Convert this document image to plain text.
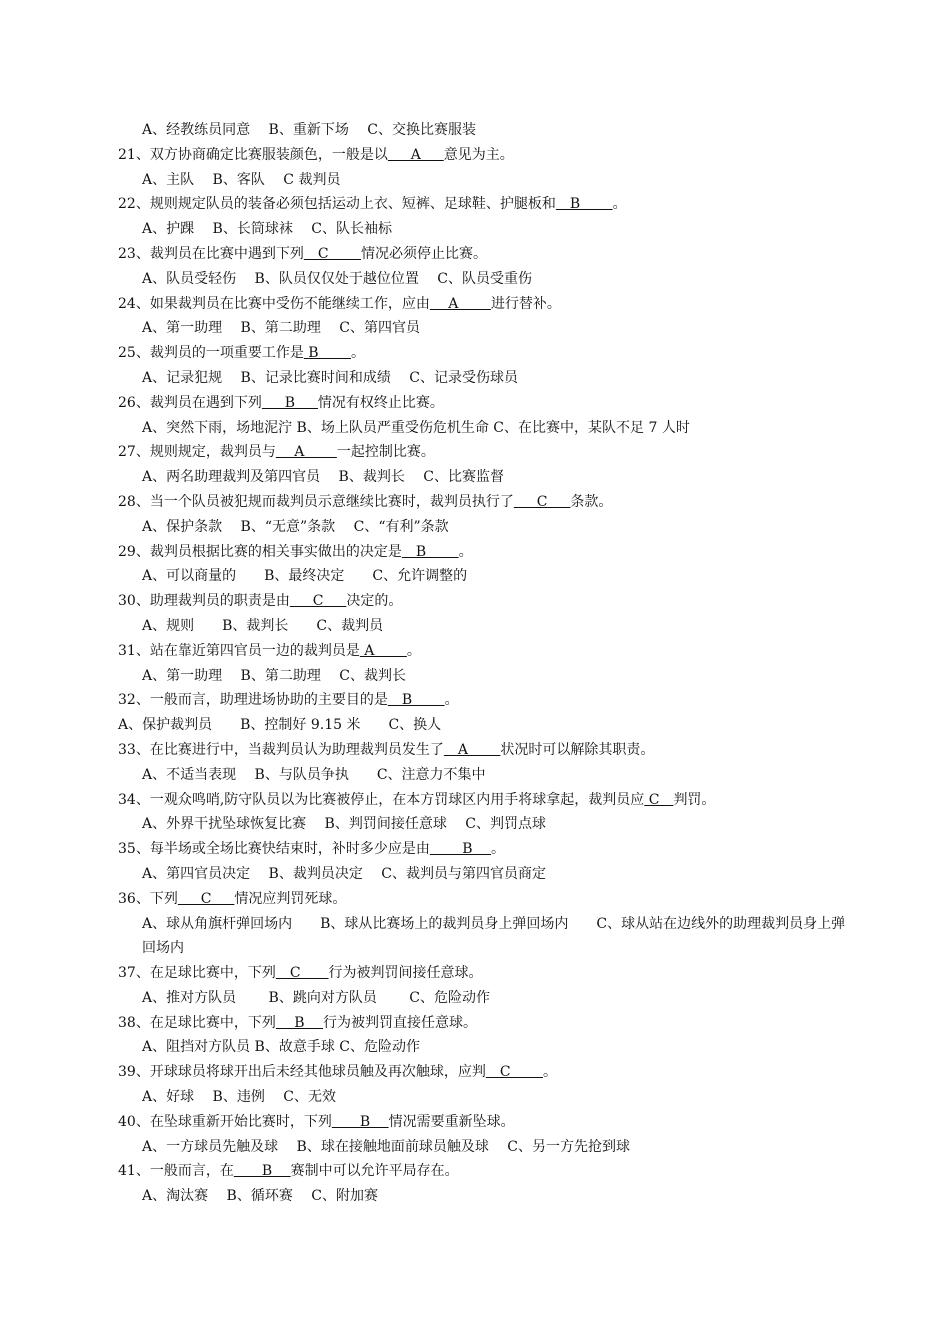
A、经教练员同意　 B、重新下场　 C、交换比赛服装
21、双方协商确定比赛服装颜色，一般是以　  A　  意见为主。
A、主队　 B、客队　 C 裁判员
22、规则规定队员的装备必须包括运动上衣、短裤、足球鞋、护腿板和　B　　 。
A、护踝　 B、长筒球袜　 C、队长袖标
23、裁判员在比赛中遇到下列　C　　 情况必须停止比赛。
A、队员受轻伤　 B、队员仅仅处于越位位置　 C、队员受重伤
24、如果裁判员在比赛中受伤不能继续工作，应由　 A　　 进行替补。
A、第一助理　 B、第二助理　 C、第四官员
25、裁判员的一项重要工作是 B　　 。
A、记录犯规　 B、记录比赛时间和成绩　 C、记录受伤球员
26、裁判员在遇到下列　  B　  情况有权终止比赛。
A、突然下雨，场地泥泞 B、场上队员严重受伤危机生命 C、在比赛中，某队不足 7 人时
27、规则规定，裁判员与　 A　　 一起控制比赛。
A、两名助理裁判及第四官员　 B、裁判长　 C、比赛监督
28、当一个队员被犯规而裁判员示意继续比赛时，裁判员执行了　  C　  条款。
A、保护条款　 B、“无意”条款　 C、“有利”条款
29、裁判员根据比赛的相关事实做出的决定是　B　　 。
A、可以商量的　　B、最终决定　　C、允许调整的
30、助理裁判员的职责是由　  C　  决定的。
A、规则　　B、裁判长　　C、裁判员
31、站在靠近第四官员一边的裁判员是 A　　 。
A、第一助理　 B、第二助理　 C、裁判长
32、一般而言，助理进场协助的主要目的是　B　　 。
A、保护裁判员　　B、控制好 9.15 米　　C、换人
33、在比赛进行中，当裁判员认为助理裁判员发生了　A　　 状况时可以解除其职责。
A、不适当表现　 B、与队员争执　　C、注意力不集中
34、一观众鸣哨,防守队员以为比赛被停止，在本方罚球区内用手将球拿起，裁判员应 C　判罚。
A、外界干扰坠球恢复比赛　 B、判罚间接任意球　 C、判罚点球
35、每半场或全场比赛快结束时，补时多少应是由　　 B　 。
A、第四官员决定　 B、裁判员决定　 C、裁判员与第四官员商定
36、下列　  C　  情况应判罚死球。
A、球从角旗杆弹回场内　　B、球从比赛场上的裁判员身上弹回场内　　C、球从站在边线外的助理裁判员身上弹回场内
37、在足球比赛中，下列　C　　行为被判罚间接任意球。
A、推对方队员　　 B、跳向对方队员　　 C、危险动作
38、在足球比赛中，下列　 B　 行为被判罚直接任意球。
A、阻挡对方队员 B、故意手球 C、危险动作
39、开球球员将球开出后未经其他球员触及再次触球，应判　C　　 。
A、好球　 B、违例　 C、无效
40、在坠球重新开始比赛时，下列　　B　 情况需要重新坠球。
A、一方球员先触及球　 B、球在接触地面前球员触及球　 C、另一方先抢到球
41、一般而言，在　　B　 赛制中可以允许平局存在。
A、淘汰赛　 B、循环赛　 C、附加赛
